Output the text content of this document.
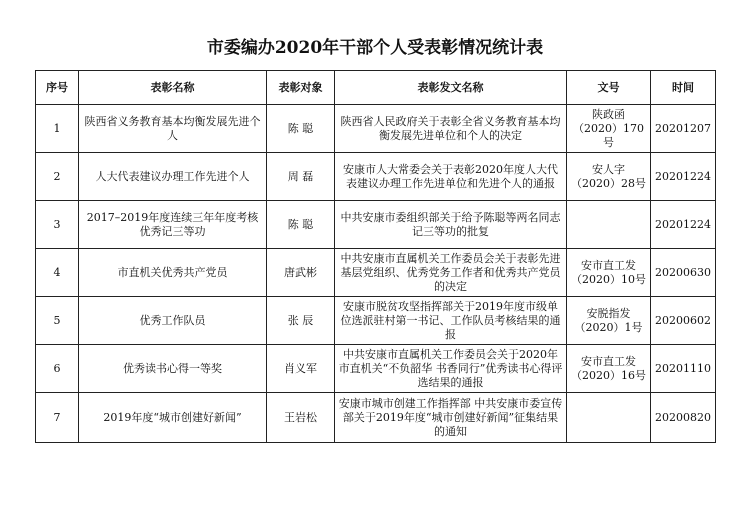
市委编办2020年干部个人受表彰情况统计表
序号	表彰名称	表彰对象	表彰发文名称	文号	时间
1	陕西省义务教育基本均衡发展先进个人	陈 聪	陕西省人民政府关于表彰全省义务教育基本均衡发展先进单位和个人的决定	陕政函（2020）170号	20201207
2	人大代表建议办理工作先进个人	周 磊	安康市人大常委会关于表彰2020年度人大代表建议办理工作先进单位和先进个人的通报	安人字（2020）28号	20201224
3	2017–2019年度连续三年年度考核优秀记三等功	陈 聪	中共安康市委组织部关于给予陈聪等两名同志记三等功的批复		20201224
4	市直机关优秀共产党员	唐武彬	中共安康市直属机关工作委员会关于表彰先进基层党组织、优秀党务工作者和优秀共产党员的决定	安市直工发（2020）10号	20200630
5	优秀工作队员	张 辰	安康市脱贫攻坚指挥部关于2019年度市级单位选派驻村第一书记、工作队员考核结果的通报	安脱指发（2020）1号	20200602
6	优秀读书心得一等奖	肖义军	中共安康市直属机关工作委员会关于2020年市直机关“不负韶华 书香同行”优秀读书心得评选结果的通报	安市直工发（2020）16号	20201110
7	2019年度“城市创建好新闻”	王岩松	安康市城市创建工作指挥部 中共安康市委宣传部关于2019年度“城市创建好新闻”征集结果的通知		20200820
